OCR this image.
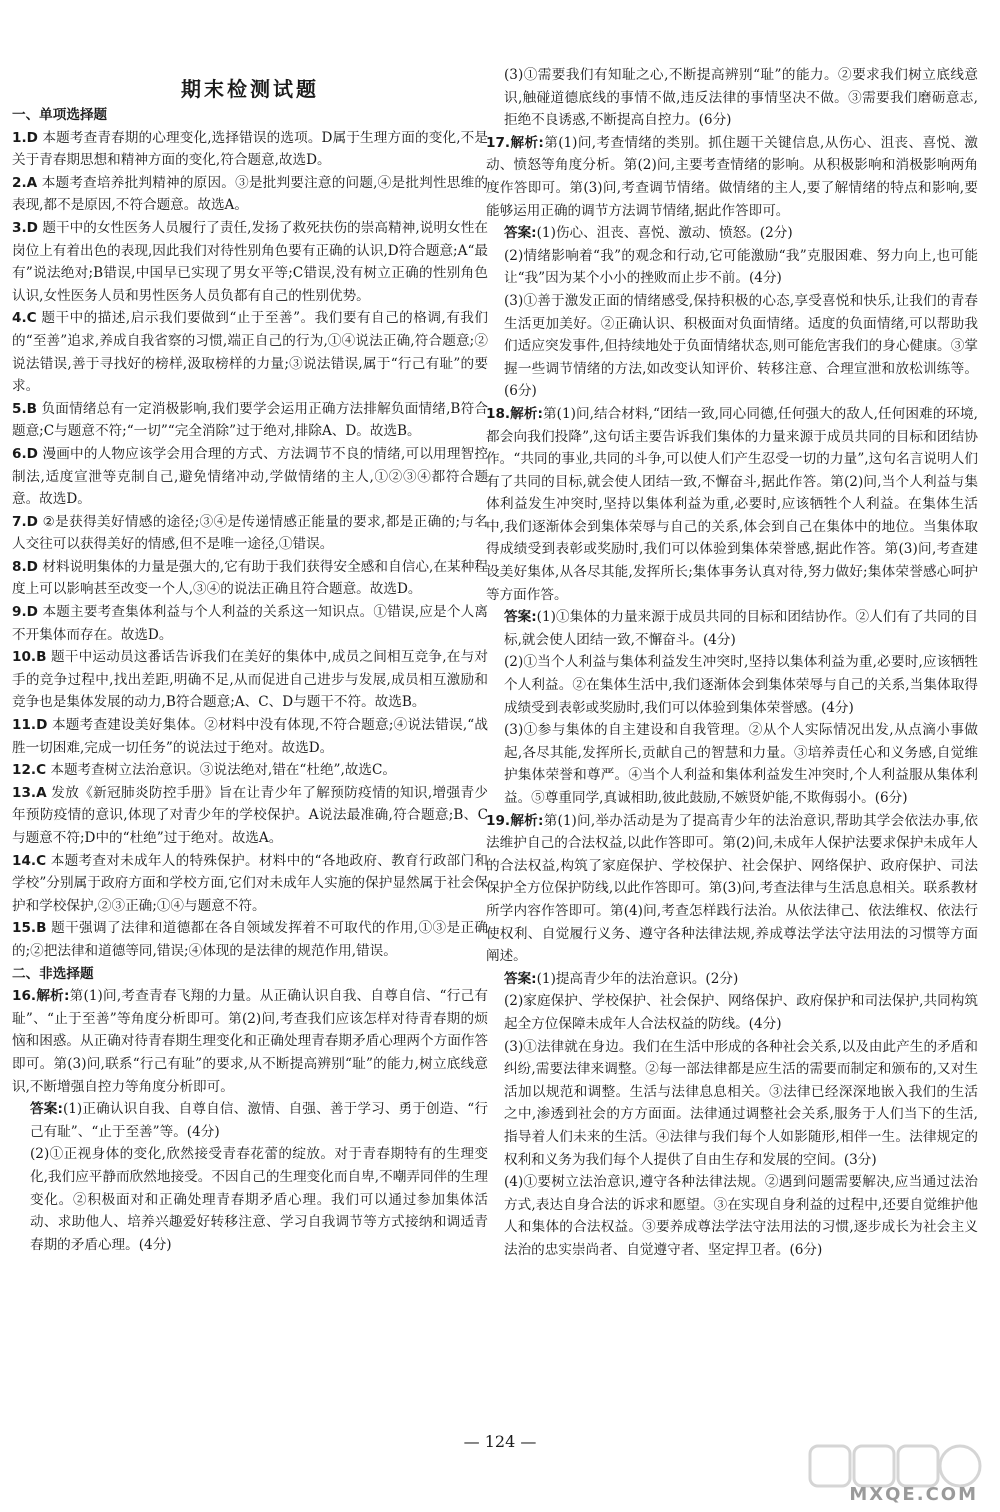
期末检测试题
一、单项选择题

1.D 本题考查青春期的心理变化,选择错误的选项。D属于生理方面的变化,不是关于青春期思想和精神方面的变化,符合题意,故选D。

2.A 本题考查培养批判精神的原因。③是批判要注意的问题,④是批判性思维的表现,都不是原因,不符合题意。故选A。

3.D 题干中的女性医务人员履行了责任,发扬了救死扶伤的崇高精神,说明女性在岗位上有着出色的表现,因此我们对待性别角色要有正确的认识,D符合题意;A“最有”说法绝对;B错误,中国早已实现了男女平等;C错误,没有树立正确的性别角色认识,女性医务人员和男性医务人员负都有自己的性别优势。

4.C 题干中的描述,启示我们要做到“止于至善”。我们要有自己的格调,有我们的“至善”追求,养成自我省察的习惯,端正自己的行为,①④说法正确,符合题意;②说法错误,善于寻找好的榜样,汲取榜样的力量;③说法错误,属于“行己有耻”的要求。

5.B 负面情绪总有一定消极影响,我们要学会运用正确方法排解负面情绪,B符合题意;C与题意不符;“一切”“完全消除”过于绝对,排除A、D。故选B。

6.D 漫画中的人物应该学会用合理的方式、方法调节不良的情绪,可以用理智控制法,适度宣泄等克制自己,避免情绪冲动,学做情绪的主人,①②③④都符合题意。故选D。

7.D ②是获得美好情感的途径;③④是传递情感正能量的要求,都是正确的;与名人交往可以获得美好的情感,但不是唯一途径,①错误。

8.D 材料说明集体的力量是强大的,它有助于我们获得安全感和自信心,在某种程度上可以影响甚至改变一个人,③④的说法正确且符合题意。故选D。

9.D 本题主要考查集体利益与个人利益的关系这一知识点。①错误,应是个人离不开集体而存在。故选D。

10.B 题干中运动员这番话告诉我们在美好的集体中,成员之间相互竞争,在与对手的竞争过程中,找出差距,明确不足,从而促进自己进步与发展,成员相互激励和竞争也是集体发展的动力,B符合题意;A、C、D与题干不符。故选B。

11.D 本题考查建设美好集体。②材料中没有体现,不符合题意;④说法错误,“战胜一切困难,完成一切任务”的说法过于绝对。故选D。

12.C 本题考查树立法治意识。③说法绝对,错在“杜绝”,故选C。

13.A 发放《新冠肺炎防控手册》旨在让青少年了解预防疫情的知识,增强青少年预防疫情的意识,体现了对青少年的学校保护。A说法最准确,符合题意;B、C与题意不符;D中的“杜绝”过于绝对。故选A。

14.C 本题考查对未成年人的特殊保护。材料中的“各地政府、教育行政部门和学校”分别属于政府方面和学校方面,它们对未成年人实施的保护显然属于社会保护和学校保护,②③正确;①④与题意不符。

15.B 题干强调了法律和道德都在各自领域发挥着不可取代的作用,①③是正确的;②把法律和道德等同,错误;④体现的是法律的规范作用,错误。

二、非选择题

16.解析:第(1)问,考查青春飞翔的力量。从正确认识自我、自尊自信、“行己有耻”、“止于至善”等角度分析即可。第(2)问,考查我们应该怎样对待青春期的烦恼和困惑。从正确对待青春期生理变化和正确处理青春期矛盾心理两个方面作答即可。第(3)问,联系“行己有耻”的要求,从不断提高辨别“耻”的能力,树立底线意识,不断增强自控力等角度分析即可。

答案:(1)正确认识自我、自尊自信、激情、自强、善于学习、勇于创造、“行己有耻”、“止于至善”等。(4分)

(2)①正视身体的变化,欣然接受青春花蕾的绽放。对于青春期特有的生理变化,我们应平静而欣然地接受。不因自己的生理变化而自卑,不嘲弄同伴的生理变化。②积极面对和正确处理青春期矛盾心理。我们可以通过参加集体活动、求助他人、培养兴趣爱好转移注意、学习自我调节等方式接纳和调适青春期的矛盾心理。(4分)

(3)①需要我们有知耻之心,不断提高辨别“耻”的能力。②要求我们树立底线意识,触碰道德底线的事情不做,违反法律的事情坚决不做。③需要我们磨砺意志,拒绝不良诱惑,不断提高自控力。(6分)

17.解析:第(1)问,考查情绪的类别。抓住题干关键信息,从伤心、沮丧、喜悦、激动、愤怒等角度分析。第(2)问,主要考查情绪的影响。从积极影响和消极影响两角度作答即可。第(3)问,考查调节情绪。做情绪的主人,要了解情绪的特点和影响,要能够运用正确的调节方法调节情绪,据此作答即可。

答案:(1)伤心、沮丧、喜悦、激动、愤怒。(2分)

(2)情绪影响着“我”的观念和行动,它可能激励“我”克服困难、努力向上,也可能让“我”因为某个小小的挫败而止步不前。(4分)

(3)①善于激发正面的情绪感受,保持积极的心态,享受喜悦和快乐,让我们的青春生活更加美好。②正确认识、积极面对负面情绪。适度的负面情绪,可以帮助我们适应突发事件,但持续地处于负面情绪状态,则可能危害我们的身心健康。③掌握一些调节情绪的方法,如改变认知评价、转移注意、合理宣泄和放松训练等。(6分)

18.解析:第(1)问,结合材料,“团结一致,同心同德,任何强大的敌人,任何困难的环境,都会向我们投降”,这句话主要告诉我们集体的力量来源于成员共同的目标和团结协作。“共同的事业,共同的斗争,可以使人们产生忍受一切的力量”,这句名言说明人们有了共同的目标,就会使人团结一致,不懈奋斗,据此作答。第(2)问,当个人利益与集体利益发生冲突时,坚持以集体利益为重,必要时,应该牺牲个人利益。在集体生活中,我们逐渐体会到集体荣辱与自己的关系,体会到自己在集体中的地位。当集体取得成绩受到表彰或奖励时,我们可以体验到集体荣誉感,据此作答。第(3)问,考查建设美好集体,从各尽其能,发挥所长;集体事务认真对待,努力做好;集体荣誉感心呵护等方面作答。

答案:(1)①集体的力量来源于成员共同的目标和团结协作。②人们有了共同的目标,就会使人团结一致,不懈奋斗。(4分)

(2)①当个人利益与集体利益发生冲突时,坚持以集体利益为重,必要时,应该牺牲个人利益。②在集体生活中,我们逐渐体会到集体荣辱与自己的关系,当集体取得成绩受到表彰或奖励时,我们可以体验到集体荣誉感。(4分)

(3)①参与集体的自主建设和自我管理。②从个人实际情况出发,从点滴小事做起,各尽其能,发挥所长,贡献自己的智慧和力量。③培养责任心和义务感,自觉维护集体荣誉和尊严。④当个人利益和集体利益发生冲突时,个人利益服从集体利益。⑤尊重同学,真诚相助,彼此鼓励,不嫉贤妒能,不欺侮弱小。(6分)

19.解析:第(1)问,举办活动是为了提高青少年的法治意识,帮助其学会依法办事,依法维护自己的合法权益,以此作答即可。第(2)问,未成年人保护法要求保护未成年人的合法权益,构筑了家庭保护、学校保护、社会保护、网络保护、政府保护、司法保护全方位保护防线,以此作答即可。第(3)问,考查法律与生活息息相关。联系教材所学内容作答即可。第(4)问,考查怎样践行法治。从依法律己、依法维权、依法行使权利、自觉履行义务、遵守各种法律法规,养成尊法学法守法用法的习惯等方面阐述。

答案:(1)提高青少年的法治意识。(2分)

(2)家庭保护、学校保护、社会保护、网络保护、政府保护和司法保护,共同构筑起全方位保障未成年人合法权益的防线。(4分)

(3)①法律就在身边。我们在生活中形成的各种社会关系,以及由此产生的矛盾和纠纷,需要法律来调整。②每一部法律都是应生活的需要而制定和颁布的,又对生活加以规范和调整。生活与法律息息相关。③法律已经深深地嵌入我们的生活之中,渗透到社会的方方面面。法律通过调整社会关系,服务于人们当下的生活,指导着人们未来的生活。④法律与我们每个人如影随形,相伴一生。法律规定的权利和义务为我们每个人提供了自由生存和发展的空间。(3分)

(4)①要树立法治意识,遵守各种法律法规。②遇到问题需要解决,应当通过法治方式,表达自身合法的诉求和愿望。③在实现自身利益的过程中,还要自觉维护他人和集体的合法权益。③要养成尊法学法守法用法的习惯,逐步成长为社会主义法治的忠实崇尚者、自觉遵守者、坚定捍卫者。(6分)

— 124 —
MXQE.COM
